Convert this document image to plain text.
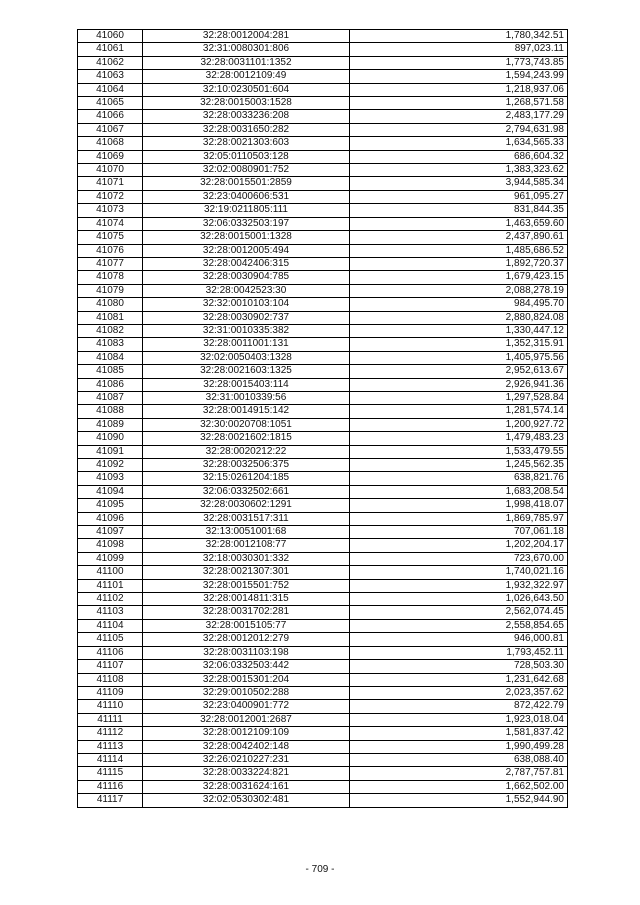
41060	32:28:0012004:281	1,780,342.51
41061	32:31:0080301:806	897,023.11
41062	32:28:0031101:1352	1,773,743.85
41063	32:28:0012109:49	1,594,243.99
41064	32:10:0230501:604	1,218,937.06
41065	32:28:0015003:1528	1,268,571.58
41066	32:28:0033236:208	2,483,177.29
41067	32:28:0031650:282	2,794,631.98
41068	32:28:0021303:603	1,634,565.33
41069	32:05:0110503:128	686,604.32
41070	32:02:0080901:752	1,383,323.62
41071	32:28:0015501:2859	3,944,585.34
41072	32:23:0400606:531	961,095.27
41073	32:19:0211805:111	831,844.35
41074	32:06:0332503:197	1,463,659.60
41075	32:28:0015001:1328	2,437,890.61
41076	32:28:0012005:494	1,485,686.52
41077	32:28:0042406:315	1,892,720.37
41078	32:28:0030904:785	1,679,423.15
41079	32:28:0042523:30	2,088,278.19
41080	32:32:0010103:104	984,495.70
41081	32:28:0030902:737	2,880,824.08
41082	32:31:0010335:382	1,330,447.12
41083	32:28:0011001:131	1,352,315.91
41084	32:02:0050403:1328	1,405,975.56
41085	32:28:0021603:1325	2,952,613.67
41086	32:28:0015403:114	2,926,941.36
41087	32:31:0010339:56	1,297,528.84
41088	32:28:0014915:142	1,281,574.14
41089	32:30:0020708:1051	1,200,927.72
41090	32:28:0021602:1815	1,479,483.23
41091	32:28:0020212:22	1,533,479.55
41092	32:28:0032506:375	1,245,562.35
41093	32:15:0261204:185	638,821.76
41094	32:06:0332502:661	1,683,208.54
41095	32:28:0030602:1291	1,998,418.07
41096	32:28:0031517:311	1,869,785.97
41097	32:13:0051001:68	707,061.18
41098	32:28:0012108:77	1,202,204.17
41099	32:18:0030301:332	723,670.00
41100	32:28:0021307:301	1,740,021.16
41101	32:28:0015501:752	1,932,322.97
41102	32:28:0014811:315	1,026,643.50
41103	32:28:0031702:281	2,562,074.45
41104	32:28:0015105:77	2,558,854.65
41105	32:28:0012012:279	946,000.81
41106	32:28:0031103:198	1,793,452.11
41107	32:06:0332503:442	728,503.30
41108	32:28:0015301:204	1,231,642.68
41109	32:29:0010502:288	2,023,357.62
41110	32:23:0400901:772	872,422.79
41111	32:28:0012001:2687	1,923,018.04
41112	32:28:0012109:109	1,581,837.42
41113	32:28:0042402:148	1,990,499.28
41114	32:26:0210227:231	638,088.40
41115	32:28:0033224:821	2,787,757.81
41116	32:28:0031624:161	1,662,502.00
41117	32:02:0530302:481	1,552,944.90
- 709 -
